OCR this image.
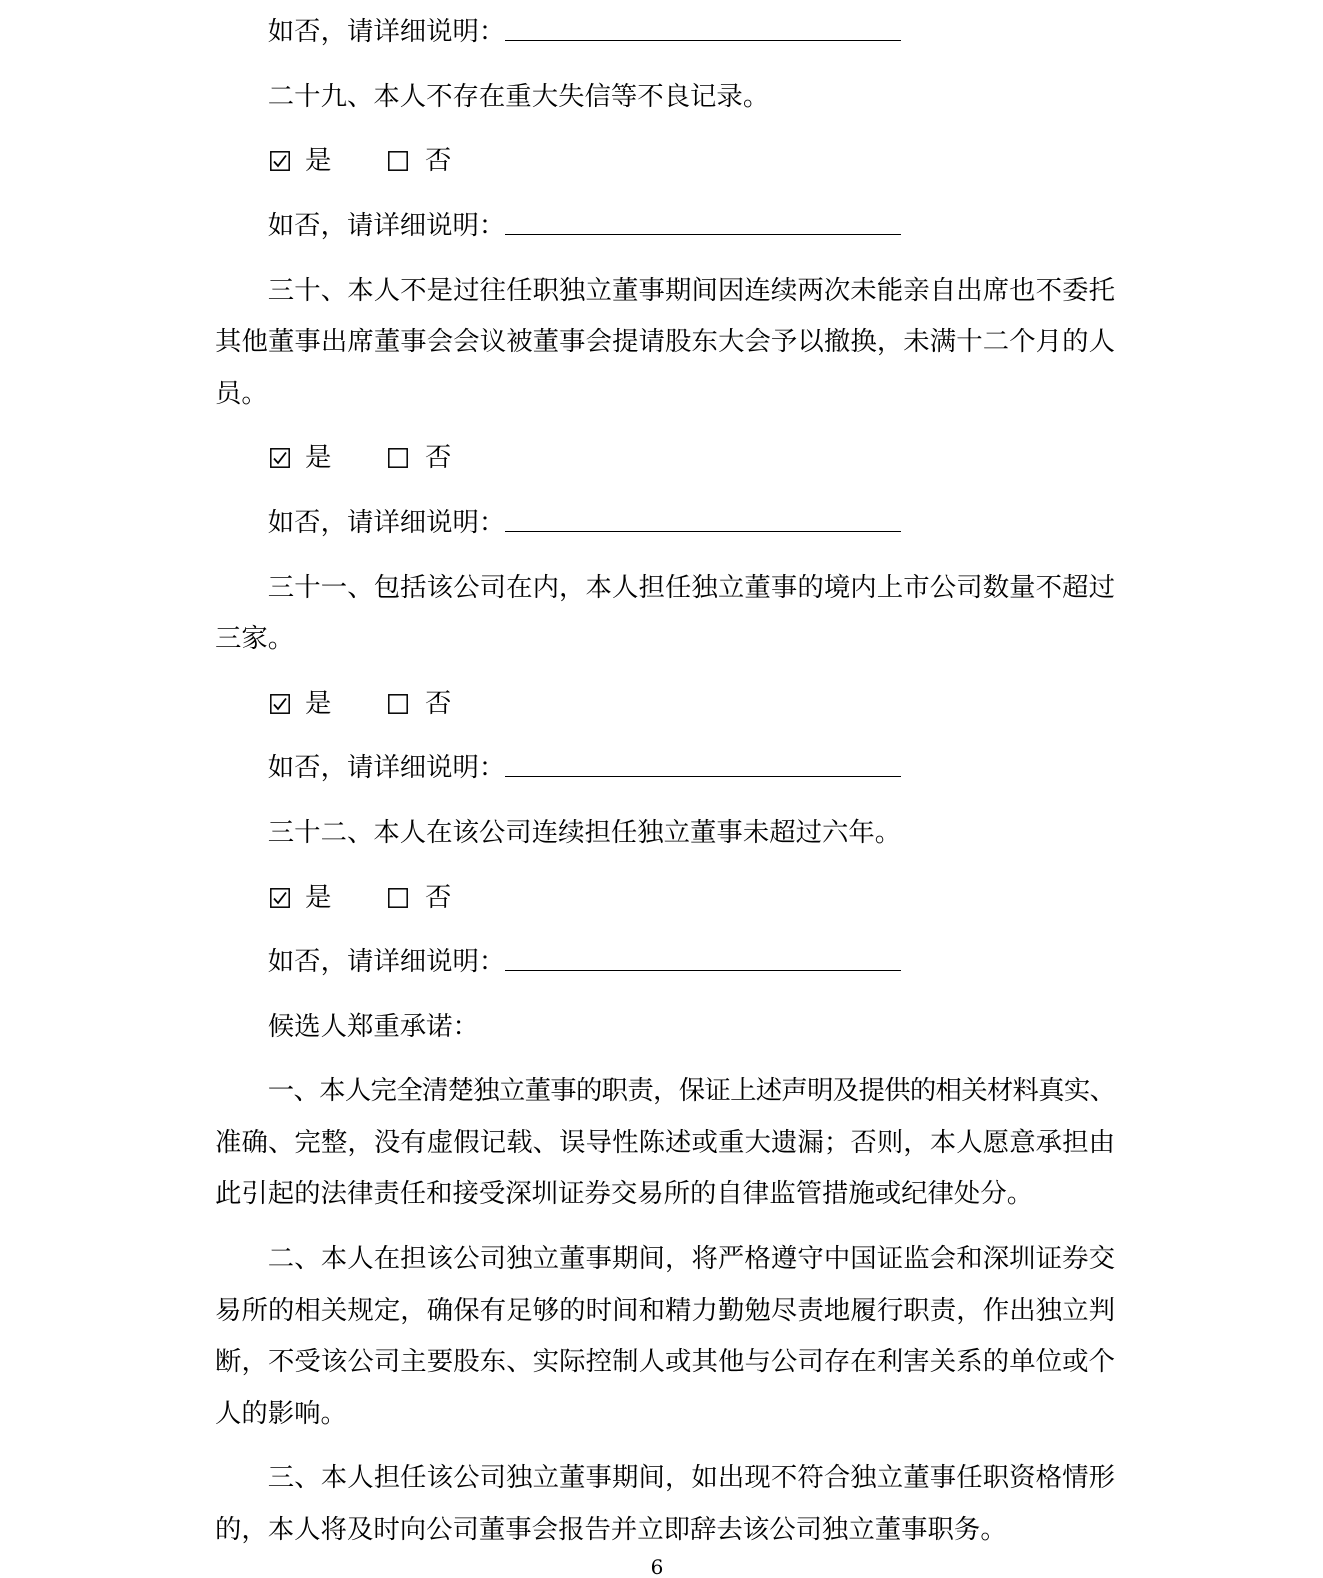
如否，请详细说明：
二十九、本人不存在重大失信等不良记录。
是	否
如否，请详细说明：
三十、本人不是过往任职独立董事期间因连续两次未能亲自出席也不委托
其他董事出席董事会会议被董事会提请股东大会予以撤换，未满十二个月的人
员。
是	否
如否，请详细说明：
三十一、包括该公司在内，本人担任独立董事的境内上市公司数量不超过
三家。
是	否
如否，请详细说明：
三十二、本人在该公司连续担任独立董事未超过六年。
是	否
如否，请详细说明：
候选人郑重承诺：
一、本人完全清楚独立董事的职责，保证上述声明及提供的相关材料真实、
准确、完整，没有虚假记载、误导性陈述或重大遗漏；否则，本人愿意承担由
此引起的法律责任和接受深圳证券交易所的自律监管措施或纪律处分。
二、本人在担该公司独立董事期间，将严格遵守中国证监会和深圳证券交
易所的相关规定，确保有足够的时间和精力勤勉尽责地履行职责，作出独立判
断，不受该公司主要股东、实际控制人或其他与公司存在利害关系的单位或个
人的影响。
三、本人担任该公司独立董事期间，如出现不符合独立董事任职资格情形
的，本人将及时向公司董事会报告并立即辞去该公司独立董事职务。
6
